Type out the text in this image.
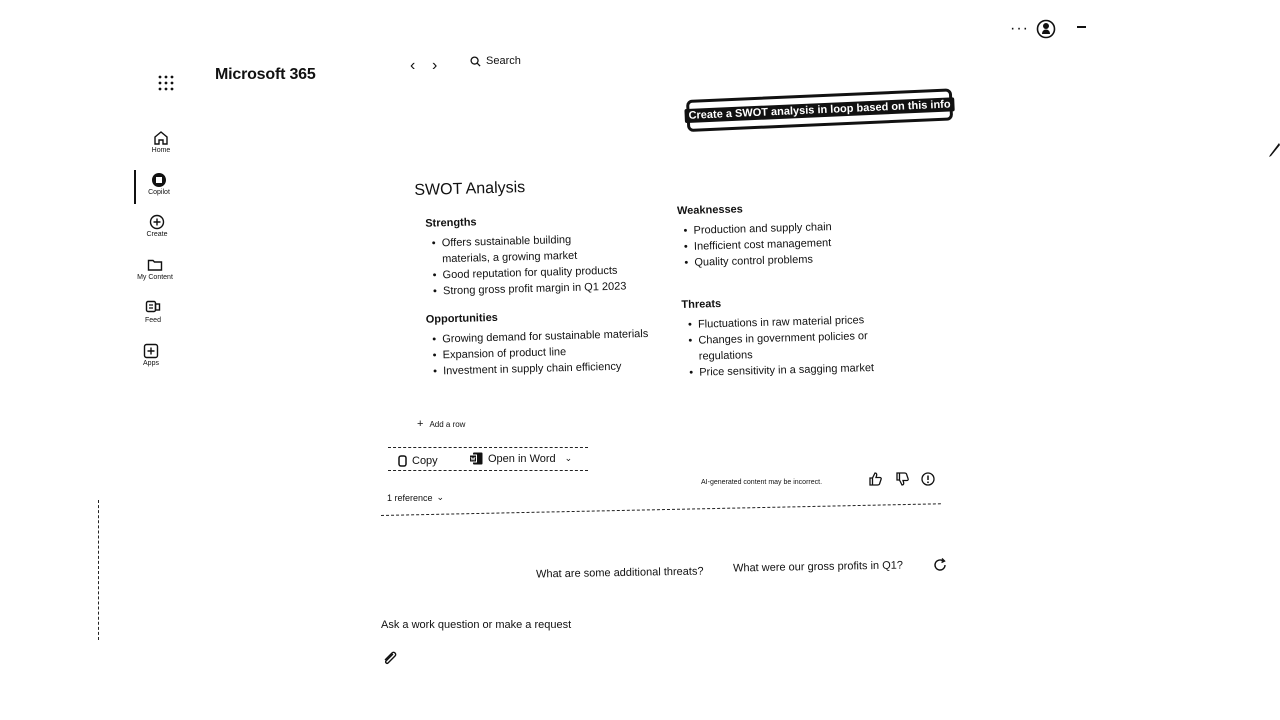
···
Microsoft 365
Home
Copilot
Create
My Content
Feed
Apps
‹ ›	Search
Create a SWOT analysis in loop based on this info
SWOT Analysis
Strengths
• Offers sustainable building materials, a growing market
• Good reputation for quality products
• Strong gross profit margin in Q1 2023
Opportunities
• Growing demand for sustainable materials
• Expansion of product line
• Investment in supply chain efficiency
Weaknesses
• Production and supply chain
• Inefficient cost management
• Quality control problems
Threats
• Fluctuations in raw material prices
• Changes in government policies or regulations
• Price sensitivity in a sagging market
+ Add a row
Copy	Open in Word ⌄
AI-generated content may be incorrect.
1 reference ⌄
What are some additional threats?	What were our gross profits in Q1?
Ask a work question or make a request
